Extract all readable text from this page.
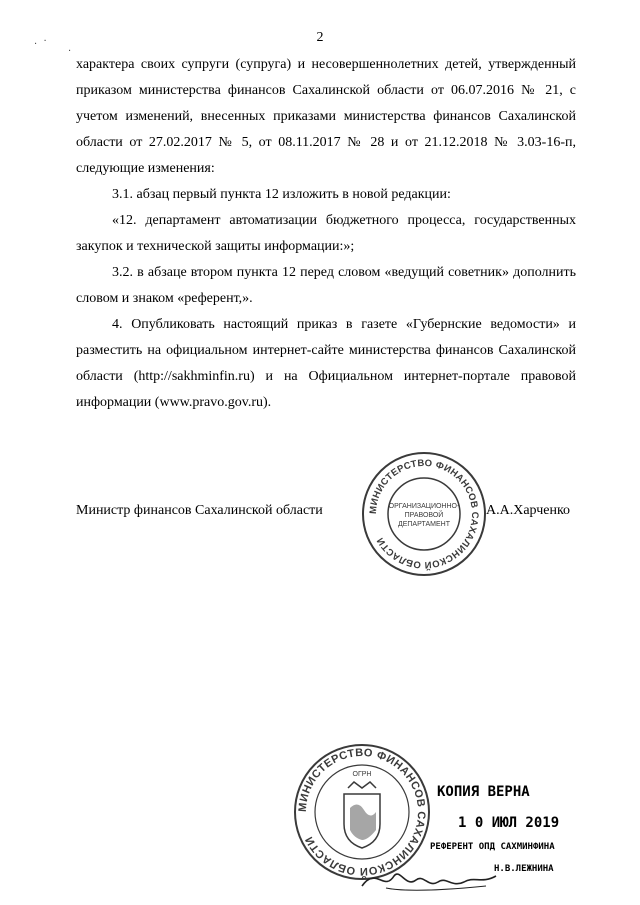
.  ·
·
2
характера своих супруги (супруга) и несовершеннолетних детей, утвержденный приказом министерства финансов Сахалинской области от 06.07.2016 № 21, с учетом изменений, внесенных приказами министерства финансов Сахалинской области от 27.02.2017 № 5, от 08.11.2017 № 28 и от 21.12.2018 № 3.03-16-п, следующие изменения:
3.1. абзац первый пункта 12 изложить в новой редакции:
«12. департамент автоматизации бюджетного процесса, государственных закупок и технической защиты информации:»;
3.2. в абзаце втором пункта 12 перед словом «ведущий советник» дополнить словом и знаком «референт,».
4. Опубликовать настоящий приказ в газете «Губернские ведомости» и разместить на официальном интернет-сайте министерства финансов Сахалинской области (http://sakhminfin.ru) и на Официальном интернет-портале правовой информации (www.pravo.gov.ru).
Министр финансов Сахалинской области	А.А.Харченко
МИНИСТЕРСТВО ФИНАНСОВ САХАЛИНСКОЙ ОБЛАСТИ
ОРГАНИЗАЦИОННО-
ПРАВОВОЙ
ДЕПАРТАМЕНТ
МИНИСТЕРСТВО ФИНАНСОВ САХАЛИНСКОЙ ОБЛАСТИ
ОГРН
КОПИЯ ВЕРНА
1 0 ИЮЛ 2019
РЕФЕРЕНТ ОПД САХМИНФИНА
Н.В.ЛЕЖНИНА
